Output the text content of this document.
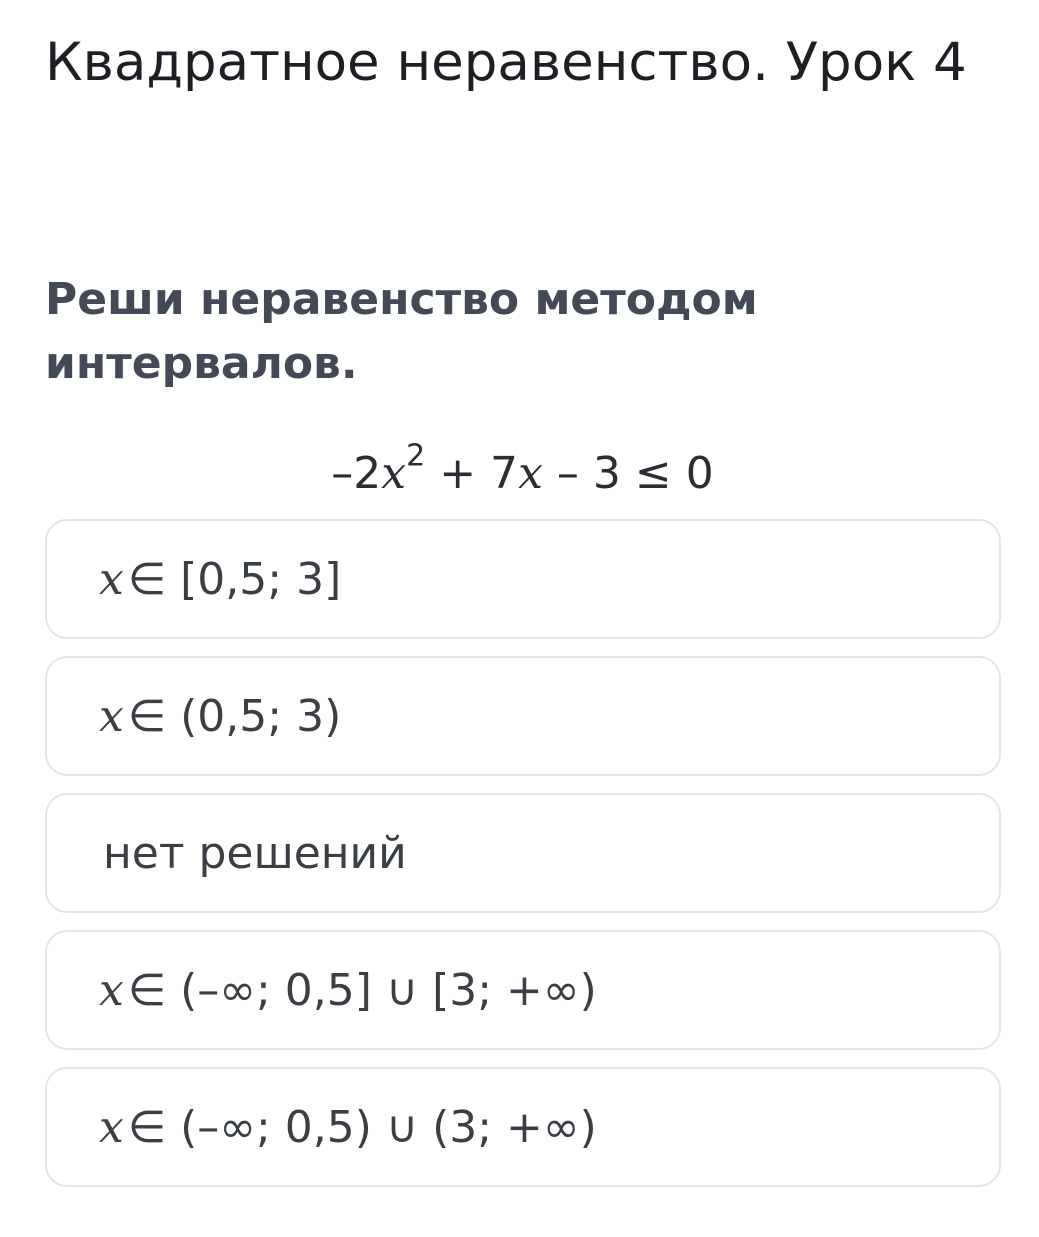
Квадратное неравенство. Урок 4

Реши неравенство методом интервалов.

$-2x^2 + 7x - 3 \le 0$
x∈ [0,5; 3]
x∈ (0,5; 3)
нет решений
x∈ (–∞; 0,5] ∪ [3; +∞)
x∈ (–∞; 0,5) ∪ (3; +∞)
